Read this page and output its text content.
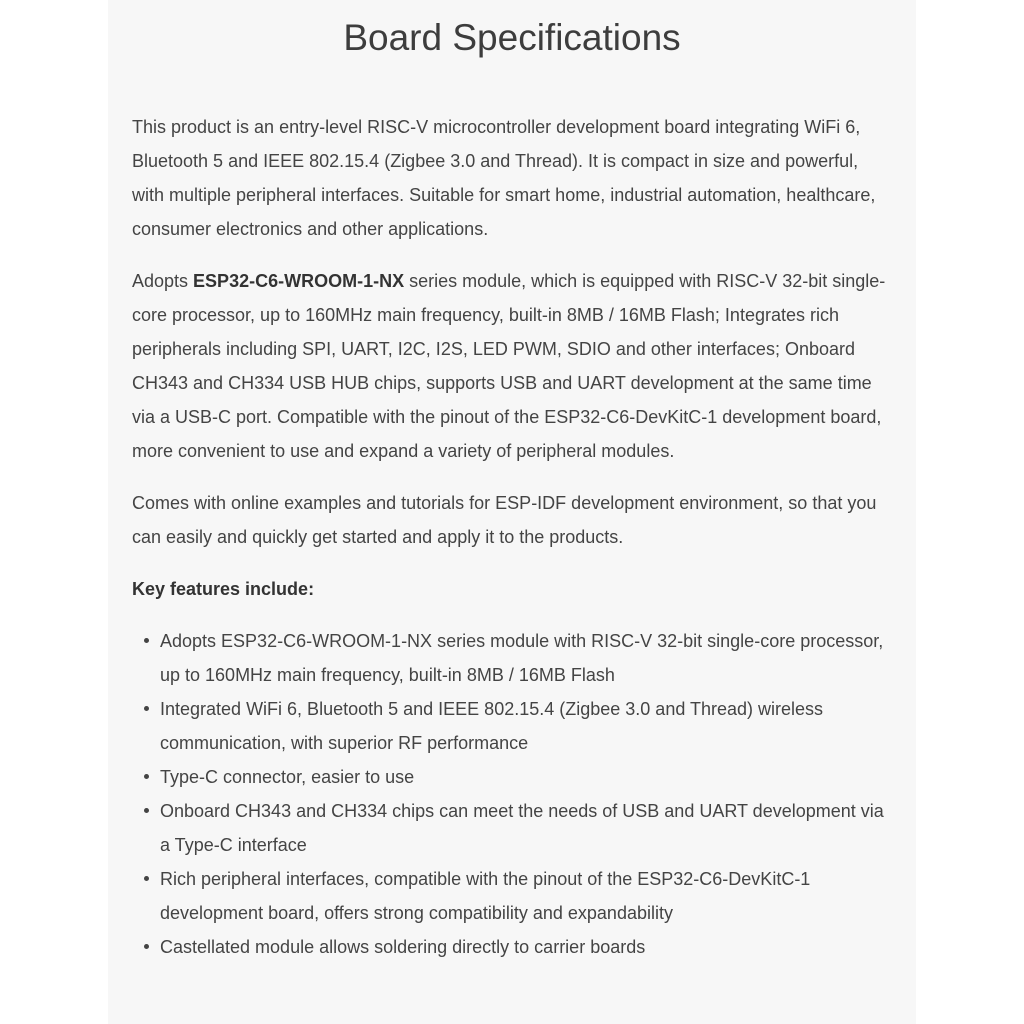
Board Specifications

This product is an entry-level RISC-V microcontroller development board integrating WiFi 6, Bluetooth 5 and IEEE 802.15.4 (Zigbee 3.0 and Thread). It is compact in size and powerful, with multiple peripheral interfaces. Suitable for smart home, industrial automation, healthcare, consumer electronics and other applications.

Adopts ESP32-C6-WROOM-1-NX series module, which is equipped with RISC-V 32-bit single-core processor, up to 160MHz main frequency, built-in 8MB / 16MB Flash; Integrates rich peripherals including SPI, UART, I2C, I2S, LED PWM, SDIO and other interfaces; Onboard CH343 and CH334 USB HUB chips, supports USB and UART development at the same time via a USB-C port. Compatible with the pinout of the ESP32-C6-DevKitC-1 development board, more convenient to use and expand a variety of peripheral modules.

Comes with online examples and tutorials for ESP-IDF development environment, so that you can easily and quickly get started and apply it to the products.

Key features include:

Adopts ESP32-C6-WROOM-1-NX series module with RISC-V 32-bit single-core processor, up to 160MHz main frequency, built-in 8MB / 16MB Flash
Integrated WiFi 6, Bluetooth 5 and IEEE 802.15.4 (Zigbee 3.0 and Thread) wireless communication, with superior RF performance
Type-C connector, easier to use
Onboard CH343 and CH334 chips can meet the needs of USB and UART development via a Type-C interface
Rich peripheral interfaces, compatible with the pinout of the ESP32-C6-DevKitC-1 development board, offers strong compatibility and expandability
Castellated module allows soldering directly to carrier boards
